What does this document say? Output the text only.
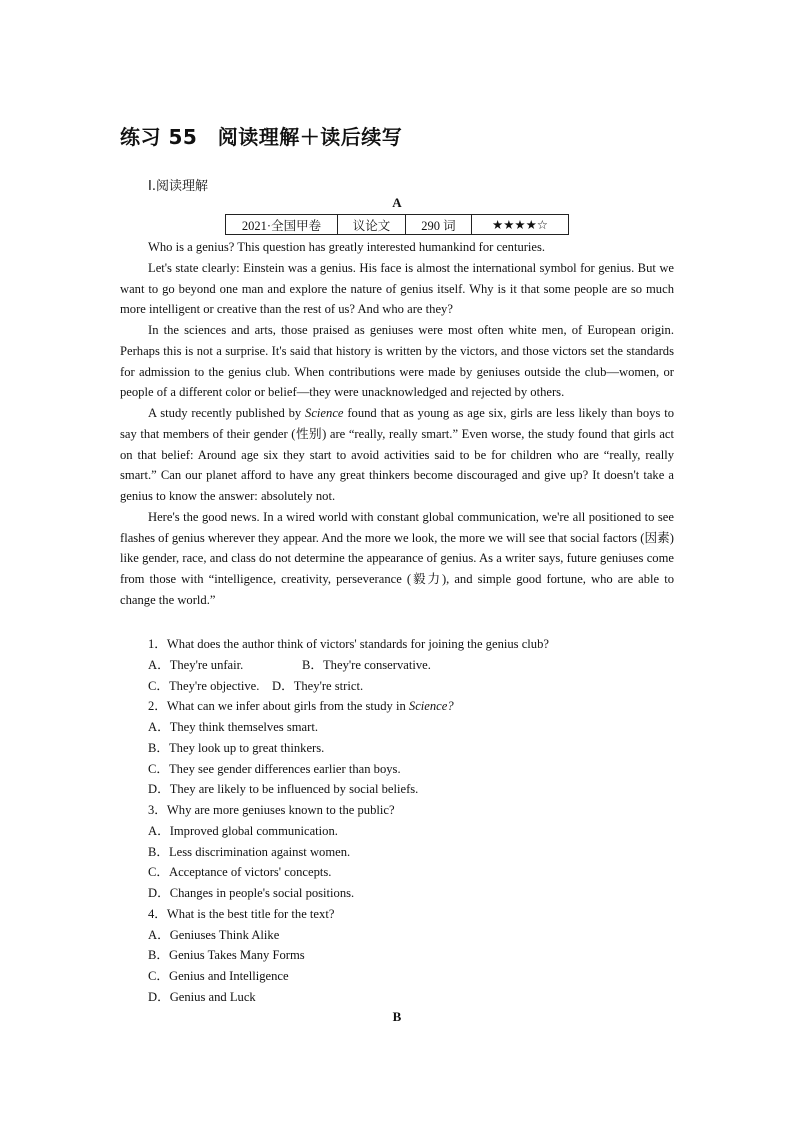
练习 55　阅读理解＋读后续写
Ⅰ.阅读理解
A
2021·全国甲卷	议论文	290 词	★★★★☆

Who is a genius? This question has greatly interested humankind for centuries.

Let's state clearly: Einstein was a genius. His face is almost the international symbol for genius. But we want to go beyond one man and explore the nature of genius itself. Why is it that some people are so much more intelligent or creative than the rest of us? And who are they?

In the sciences and arts, those praised as geniuses were most often white men, of European origin. Perhaps this is not a surprise. It's said that history is written by the victors, and those victors set the standards for admission to the genius club. When contributions were made by geniuses outside the club—women, or people of a different color or belief—they were unacknowledged and rejected by others.

A study recently published by Science found that as young as age six, girls are less likely than boys to say that members of their gender (性别) are “really, really smart.” Even worse, the study found that girls act on that belief: Around age six they start to avoid activities said to be for children who are “really, really smart.” Can our planet afford to have any great thinkers become discouraged and give up? It doesn't take a genius to know the answer: absolutely not.

Here's the good news. In a wired world with constant global communication, we're all positioned to see flashes of genius wherever they appear. And the more we look, the more we will see that social factors (因素) like gender, race, and class do not determine the appearance of genius. As a writer says, future geniuses come from those with “intelligence, creativity, perseverance (毅力), and simple good fortune, who are able to change the world.”

1．What does the author think of victors' standards for joining the genius club?
A．They're unfair.	B．They're conservative.
C．They're objective. D．They're strict.
2．What can we infer about girls from the study in Science?
A．They think themselves smart.
B．They look up to great thinkers.
C．They see gender differences earlier than boys.
D．They are likely to be influenced by social beliefs.
3．Why are more geniuses known to the public?
A．Improved global communication.
B．Less discrimination against women.
C．Acceptance of victors' concepts.
D．Changes in people's social positions.
4．What is the best title for the text?
A．Geniuses Think Alike
B．Genius Takes Many Forms
C．Genius and Intelligence
D．Genius and Luck
B
